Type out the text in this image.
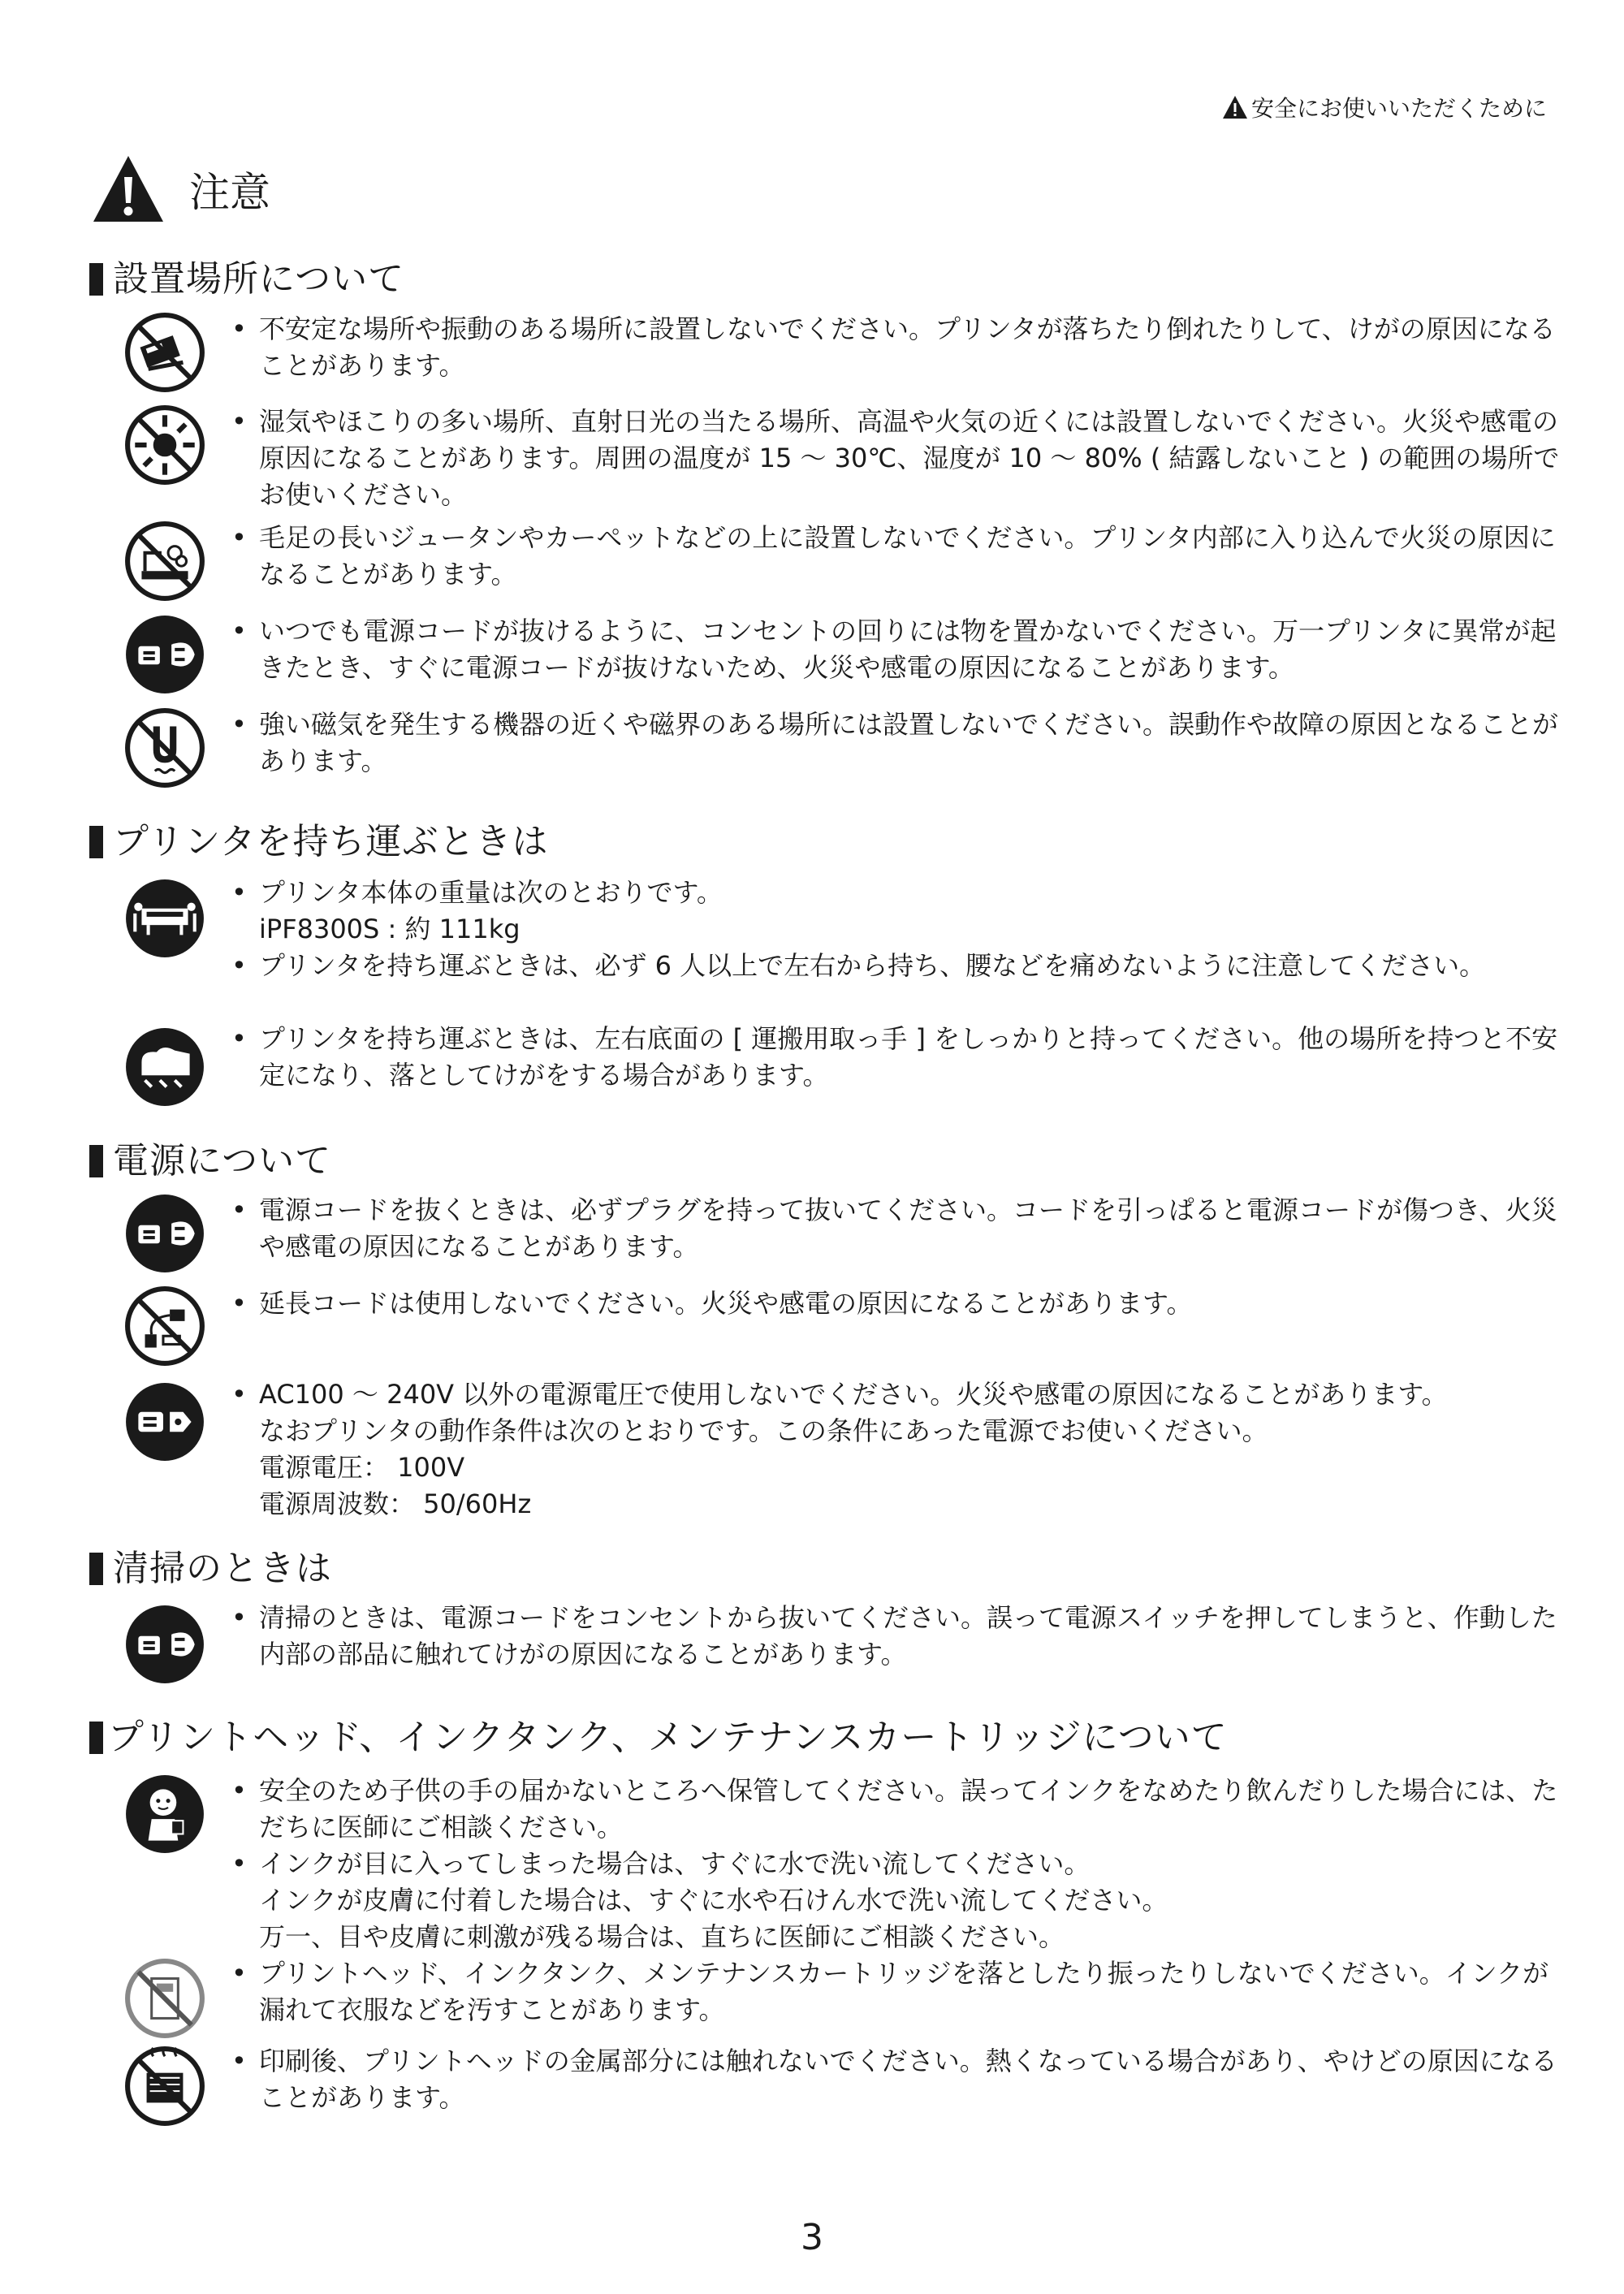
安全にお使いいただくために
注意
設置場所について
• 不安定な場所や振動のある場所に設置しないでください。プリンタが落ちたり倒れたりして、けがの原因になることがあります。
• 湿気やほこりの多い場所、直射日光の当たる場所、高温や火気の近くには設置しないでください。火災や感電の原因になることがあります。周囲の温度が 15 〜 30℃、湿度が 10 〜 80% ( 結露しないこと ) の範囲の場所でお使いください。
• 毛足の長いジュータンやカーペットなどの上に設置しないでください。プリンタ内部に入り込んで火災の原因になることがあります。
• いつでも電源コードが抜けるように、コンセントの回りには物を置かないでください。万一プリンタに異常が起きたとき、すぐに電源コードが抜けないため、火災や感電の原因になることがあります。
• 強い磁気を発生する機器の近くや磁界のある場所には設置しないでください。誤動作や故障の原因となることがあります。
プリンタを持ち運ぶときは
• プリンタ本体の重量は次のとおりです。
iPF8300S : 約 111kg
• プリンタを持ち運ぶときは、必ず 6 人以上で左右から持ち、腰などを痛めないように注意してください。
• プリンタを持ち運ぶときは、左右底面の [ 運搬用取っ手 ] をしっかりと持ってください。他の場所を持つと不安定になり、落としてけがをする場合があります。
電源について
• 電源コードを抜くときは、必ずプラグを持って抜いてください。コードを引っぱると電源コードが傷つき、火災や感電の原因になることがあります。
• 延長コードは使用しないでください。火災や感電の原因になることがあります。
• AC100 〜 240V 以外の電源電圧で使用しないでください。火災や感電の原因になることがあります。
なおプリンタの動作条件は次のとおりです。この条件にあった電源でお使いください。
電源電圧： 100V
電源周波数： 50/60Hz
清掃のときは
• 清掃のときは、電源コードをコンセントから抜いてください。誤って電源スイッチを押してしまうと、作動した内部の部品に触れてけがの原因になることがあります。
プリントヘッド、インクタンク、メンテナンスカートリッジについて
• 安全のため子供の手の届かないところへ保管してください。誤ってインクをなめたり飲んだりした場合には、ただちに医師にご相談ください。
• インクが目に入ってしまった場合は、すぐに水で洗い流してください。
インクが皮膚に付着した場合は、すぐに水や石けん水で洗い流してください。
万一、目や皮膚に刺激が残る場合は、直ちに医師にご相談ください。
• プリントヘッド、インクタンク、メンテナンスカートリッジを落としたり振ったりしないでください。インクが漏れて衣服などを汚すことがあります。
• 印刷後、プリントヘッドの金属部分には触れないでください。熱くなっている場合があり、やけどの原因になることがあります。
3
